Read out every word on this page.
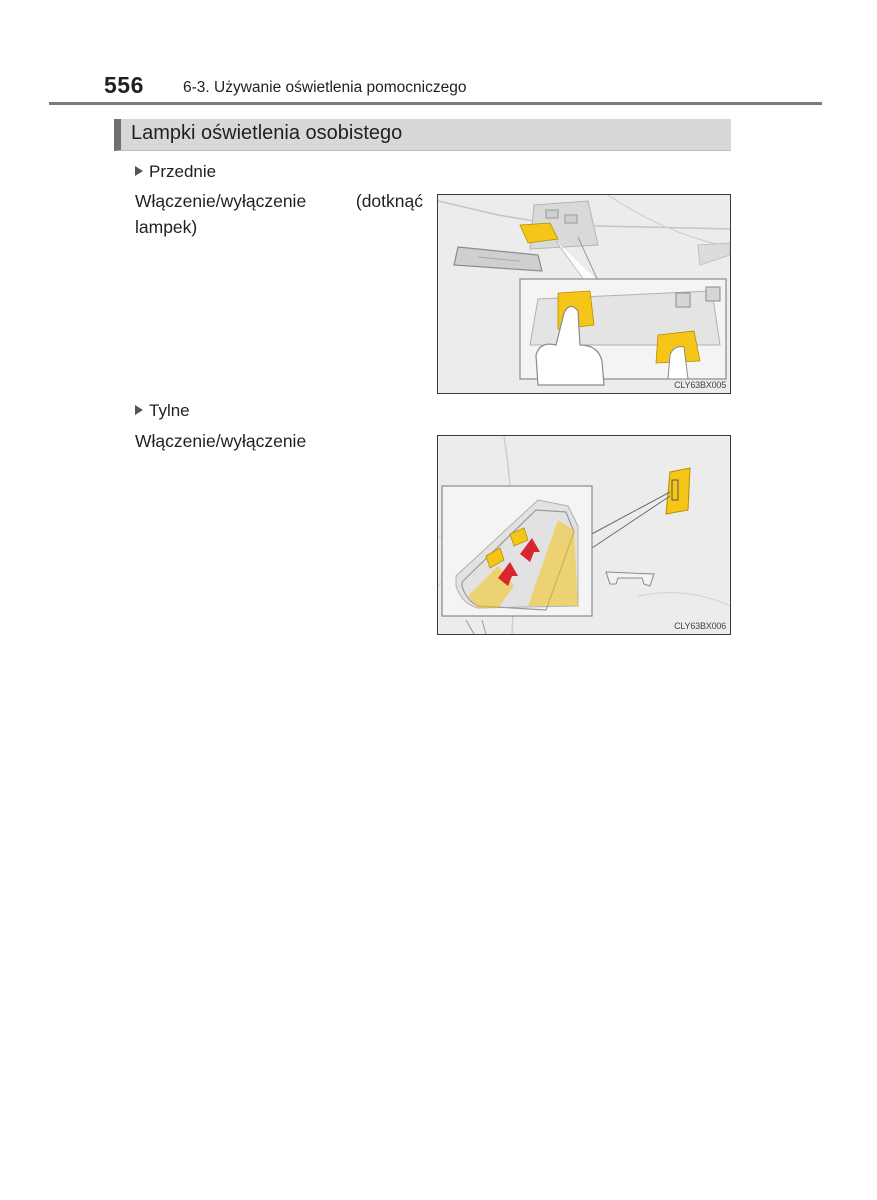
556	6-3. Używanie oświetlenia pomocniczego
Lampki oświetlenia osobistego
Przednie
Włączenie/wyłączenie (dotknąć lampek)
CLY63BX005
Tylne
Włączenie/wyłączenie
CLY63BX006
